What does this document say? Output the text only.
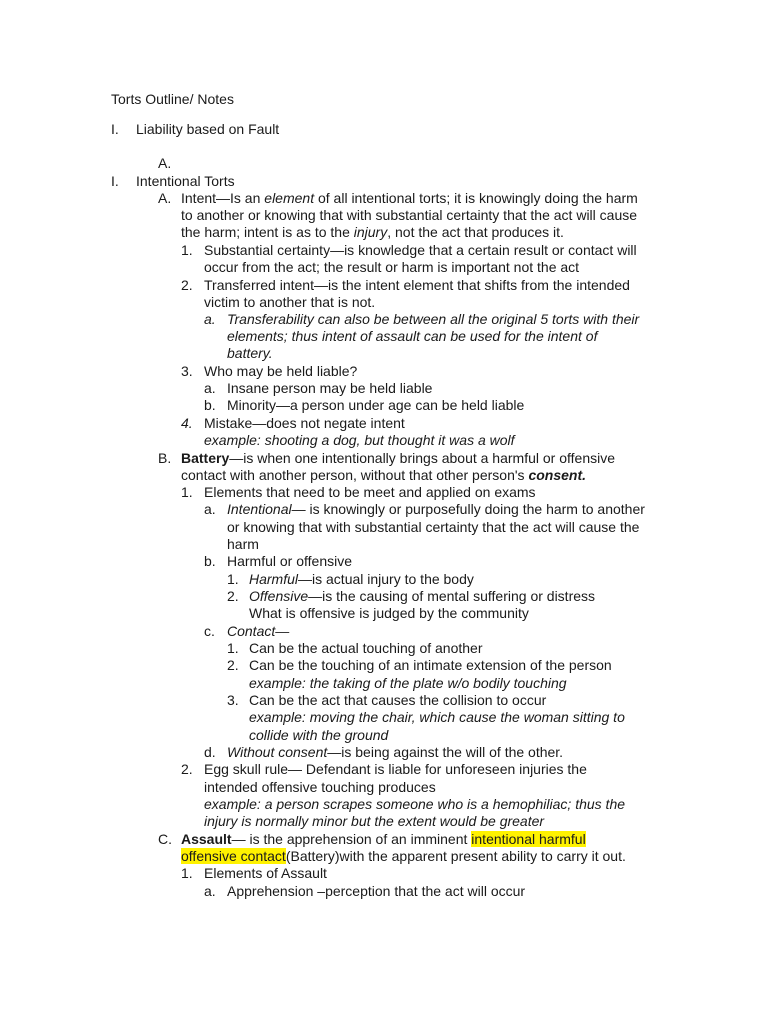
Torts Outline/ Notes
I. Liability based on Fault
A.
I. Intentional Torts
A. Intent—Is an element of all intentional torts; it is knowingly doing the harm
to another or knowing that with substantial certainty that the act will cause
the harm; intent is as to the injury, not the act that produces it.
1. Substantial certainty—is knowledge that a certain result or contact will
occur from the act; the result or harm is important not the act
2. Transferred intent—is the intent element that shifts from the intended
victim to another that is not.
a. Transferability can also be between all the original 5 torts with their
elements; thus intent of assault can be used for the intent of
battery.
3. Who may be held liable?
a. Insane person may be held liable
b. Minority—a person under age can be held liable
4. Mistake—does not negate intent
example: shooting a dog, but thought it was a wolf
B. Battery—is when one intentionally brings about a harmful or offensive
contact with another person, without that other person's consent.
1. Elements that need to be meet and applied on exams
a. Intentional— is knowingly or purposefully doing the harm to another
or knowing that with substantial certainty that the act will cause the
harm
b. Harmful or offensive
1. Harmful—is actual injury to the body
2. Offensive—is the causing of mental suffering or distress
What is offensive is judged by the community
c. Contact—
1. Can be the actual touching of another
2. Can be the touching of an intimate extension of the person
example: the taking of the plate w/o bodily touching
3. Can be the act that causes the collision to occur
example: moving the chair, which cause the woman sitting to
collide with the ground
d. Without consent—is being against the will of the other.
2. Egg skull rule— Defendant is liable for unforeseen injuries the
intended offensive touching produces
example: a person scrapes someone who is a hemophiliac; thus the
injury is normally minor but the extent would be greater
C. Assault— is the apprehension of an imminent intentional harmful
offensive contact(Battery)with the apparent present ability to carry it out.
1. Elements of Assault
a. Apprehension –perception that the act will occur
